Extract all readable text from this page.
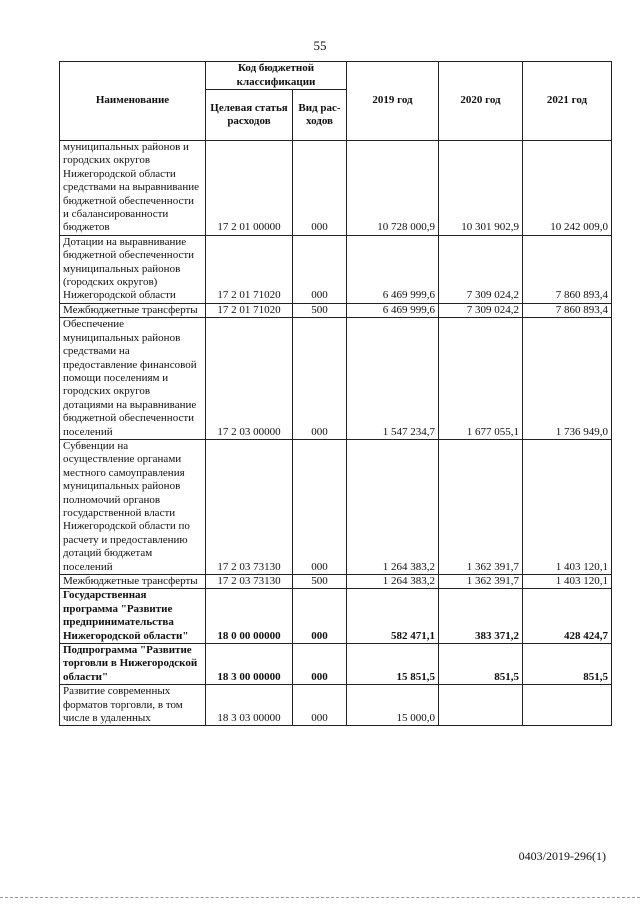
55
Наименование	Код бюджетной классификации		2019 год	2020 год	2021 год
	Целевая статья расходов	Вид рас-ходов			
муниципальных районов и городских округов Нижегородской области средствами на выравнивание бюджетной обеспеченности и сбалансированности бюджетов	17 2 01 00000	000	10 728 000,9	10 301 902,9	10 242 009,0
Дотации на выравнивание бюджетной обеспеченности муниципальных районов (городских округов) Нижегородской области	17 2 01 71020	000	6 469 999,6	7 309 024,2	7 860 893,4
Межбюджетные трансферты	17 2 01 71020	500	6 469 999,6	7 309 024,2	7 860 893,4
Обеспечение муниципальных районов средствами на предоставление финансовой помощи поселениям и городских округов дотациями на выравнивание бюджетной обеспеченности поселений	17 2 03 00000	000	1 547 234,7	1 677 055,1	1 736 949,0
Субвенции на осуществление органами местного самоуправления муниципальных районов полномочий органов государственной власти Нижегородской области по расчету и предоставлению дотаций бюджетам поселений	17 2 03 73130	000	1 264 383,2	1 362 391,7	1 403 120,1
Межбюджетные трансферты	17 2 03 73130	500	1 264 383,2	1 362 391,7	1 403 120,1
Государственная программа "Развитие предпринимательства Нижегородской области"	18 0 00 00000	000	582 471,1	383 371,2	428 424,7
Подпрограмма "Развитие торговли в Нижегородской области"	18 3 00 00000	000	15 851,5	851,5	851,5
Развитие современных форматов торговли, в том числе в удаленных	18 3 03 00000	000	15 000,0		
0403/2019-296(1)
